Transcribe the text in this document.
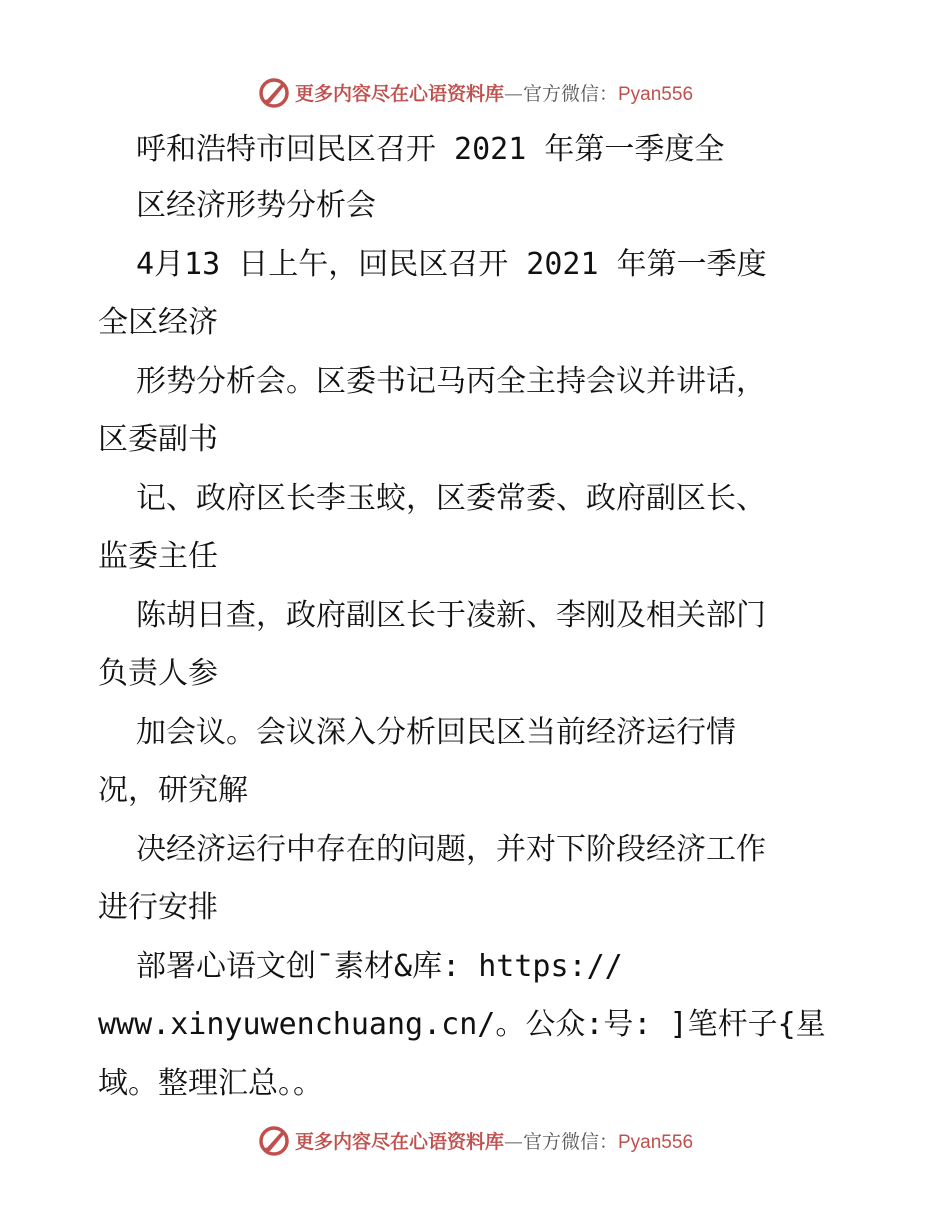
更多内容尽在心语资料库—官方微信：Pyan556
呼和浩特市回民区召开 2021 年第一季度全
区经济形势分析会
4月13 日上午，回民区召开 2021 年第一季度
全区经济
形势分析会。区委书记马丙全主持会议并讲话，
区委副书
记、政府区长李玉蛟，区委常委、政府副区长、
监委主任
陈胡日查，政府副区长于凌新、李刚及相关部门
负责人参
加会议。会议深入分析回民区当前经济运行情
况，研究解
决经济运行中存在的问题，并对下阶段经济工作
进行安排
部署心语文创¯素材&库: https://
www.xinyuwenchuang.cn/。公众:号: ]笔杆子{星
域。整理汇总。。
更多内容尽在心语资料库—官方微信：Pyan556
